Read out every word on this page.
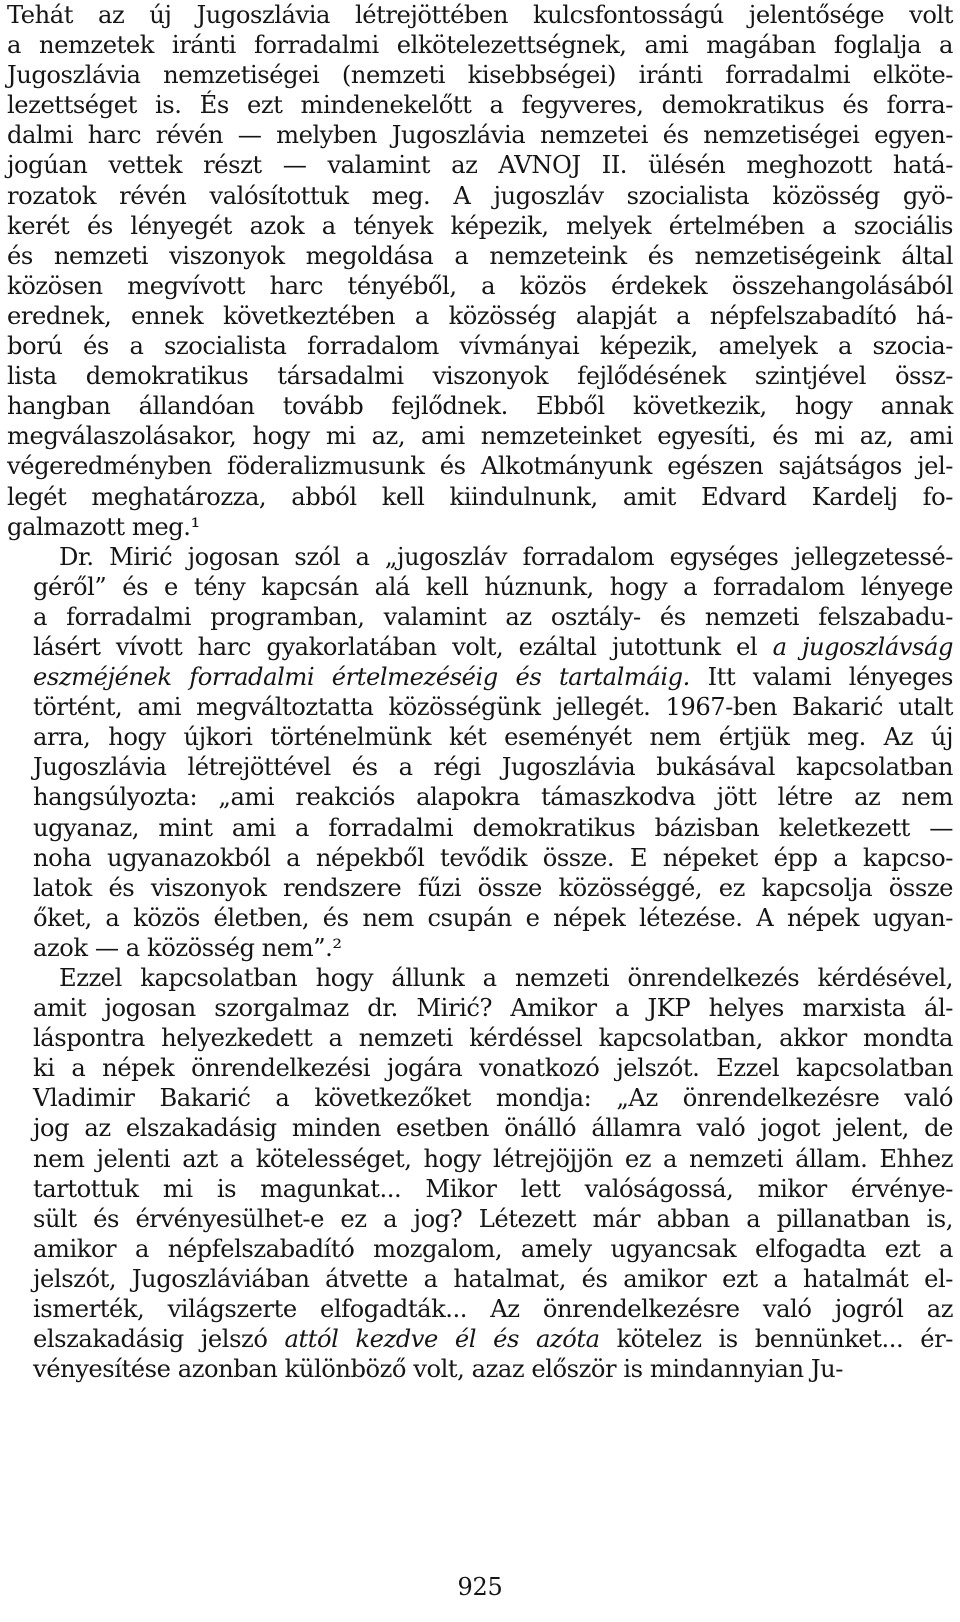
Tehát az új Jugoszlávia létrejöttében kulcsfontosságú jelentősége volt
a nemzetek iránti forradalmi elkötelezettségnek, ami magában foglalja a
Jugoszlávia nemzetiségei (nemzeti kisebbségei) iránti forradalmi elköte-
lezettséget is. És ezt mindenekelőtt a fegyveres, demokratikus és forra-
dalmi harc révén — melyben Jugoszlávia nemzetei és nemzetiségei egyen-
jogúan vettek részt — valamint az AVNOJ II. ülésén meghozott hatá-
rozatok révén valósítottuk meg. A jugoszláv szocialista közösség gyö-
kerét és lényegét azok a tények képezik, melyek értelmében a szociális
és nemzeti viszonyok megoldása a nemzeteink és nemzetiségeink által
közösen megvívott harc tényéből, a közös érdekek összehangolásából
erednek, ennek következtében a közösség alapját a népfelszabadító há-
ború és a szocialista forradalom vívmányai képezik, amelyek a szocia-
lista demokratikus társadalmi viszonyok fejlődésének szintjével össz-
hangban állandóan tovább fejlődnek. Ebből következik, hogy annak
megválaszolásakor, hogy mi az, ami nemzeteinket egyesíti, és mi az, ami
végeredményben föderalizmusunk és Alkotmányunk egészen sajátságos jel-
legét meghatározza, abból kell kiindulnunk, amit Edvard Kardelj fo-
galmazott meg.¹
Dr. Mirić jogosan szól a „jugoszláv forradalom egységes jellegzetessé-
géről” és e tény kapcsán alá kell húznunk, hogy a forradalom lényege
a forradalmi programban, valamint az osztály- és nemzeti felszabadu-
lásért vívott harc gyakorlatában volt, ezáltal jutottunk el a jugoszlávság
eszméjének forradalmi értelmezéséig és tartalmáig. Itt valami lényeges
történt, ami megváltoztatta közösségünk jellegét. 1967-ben Bakarić utalt
arra, hogy újkori történelmünk két eseményét nem értjük meg. Az új
Jugoszlávia létrejöttével és a régi Jugoszlávia bukásával kapcsolatban
hangsúlyozta: „ami reakciós alapokra támaszkodva jött létre az nem
ugyanaz, mint ami a forradalmi demokratikus bázisban keletkezett —
noha ugyanazokból a népekből tevődik össze. E népeket épp a kapcso-
latok és viszonyok rendszere fűzi össze közösséggé, ez kapcsolja össze
őket, a közös életben, és nem csupán e népek létezése. A népek ugyan-
azok — a közösség nem”.²
Ezzel kapcsolatban hogy állunk a nemzeti önrendelkezés kérdésével,
amit jogosan szorgalmaz dr. Mirić? Amikor a JKP helyes marxista ál-
láspontra helyezkedett a nemzeti kérdéssel kapcsolatban, akkor mondta
ki a népek önrendelkezési jogára vonatkozó jelszót. Ezzel kapcsolatban
Vladimir Bakarić a következőket mondja: „Az önrendelkezésre való
jog az elszakadásig minden esetben önálló államra való jogot jelent, de
nem jelenti azt a kötelességet, hogy létrejöjjön ez a nemzeti állam. Ehhez
tartottuk mi is magunkat... Mikor lett valóságossá, mikor érvénye-
sült és érvényesülhet-e ez a jog? Létezett már abban a pillanatban is,
amikor a népfelszabadító mozgalom, amely ugyancsak elfogadta ezt a
jelszót, Jugoszláviában átvette a hatalmat, és amikor ezt a hatalmát el-
ismerték, világszerte elfogadták... Az önrendelkezésre való jogról az
elszakadásig jelszó attól kezdve él és azóta kötelez is bennünket... ér-
vényesítése azonban különböző volt, azaz először is mindannyian Ju-
925
